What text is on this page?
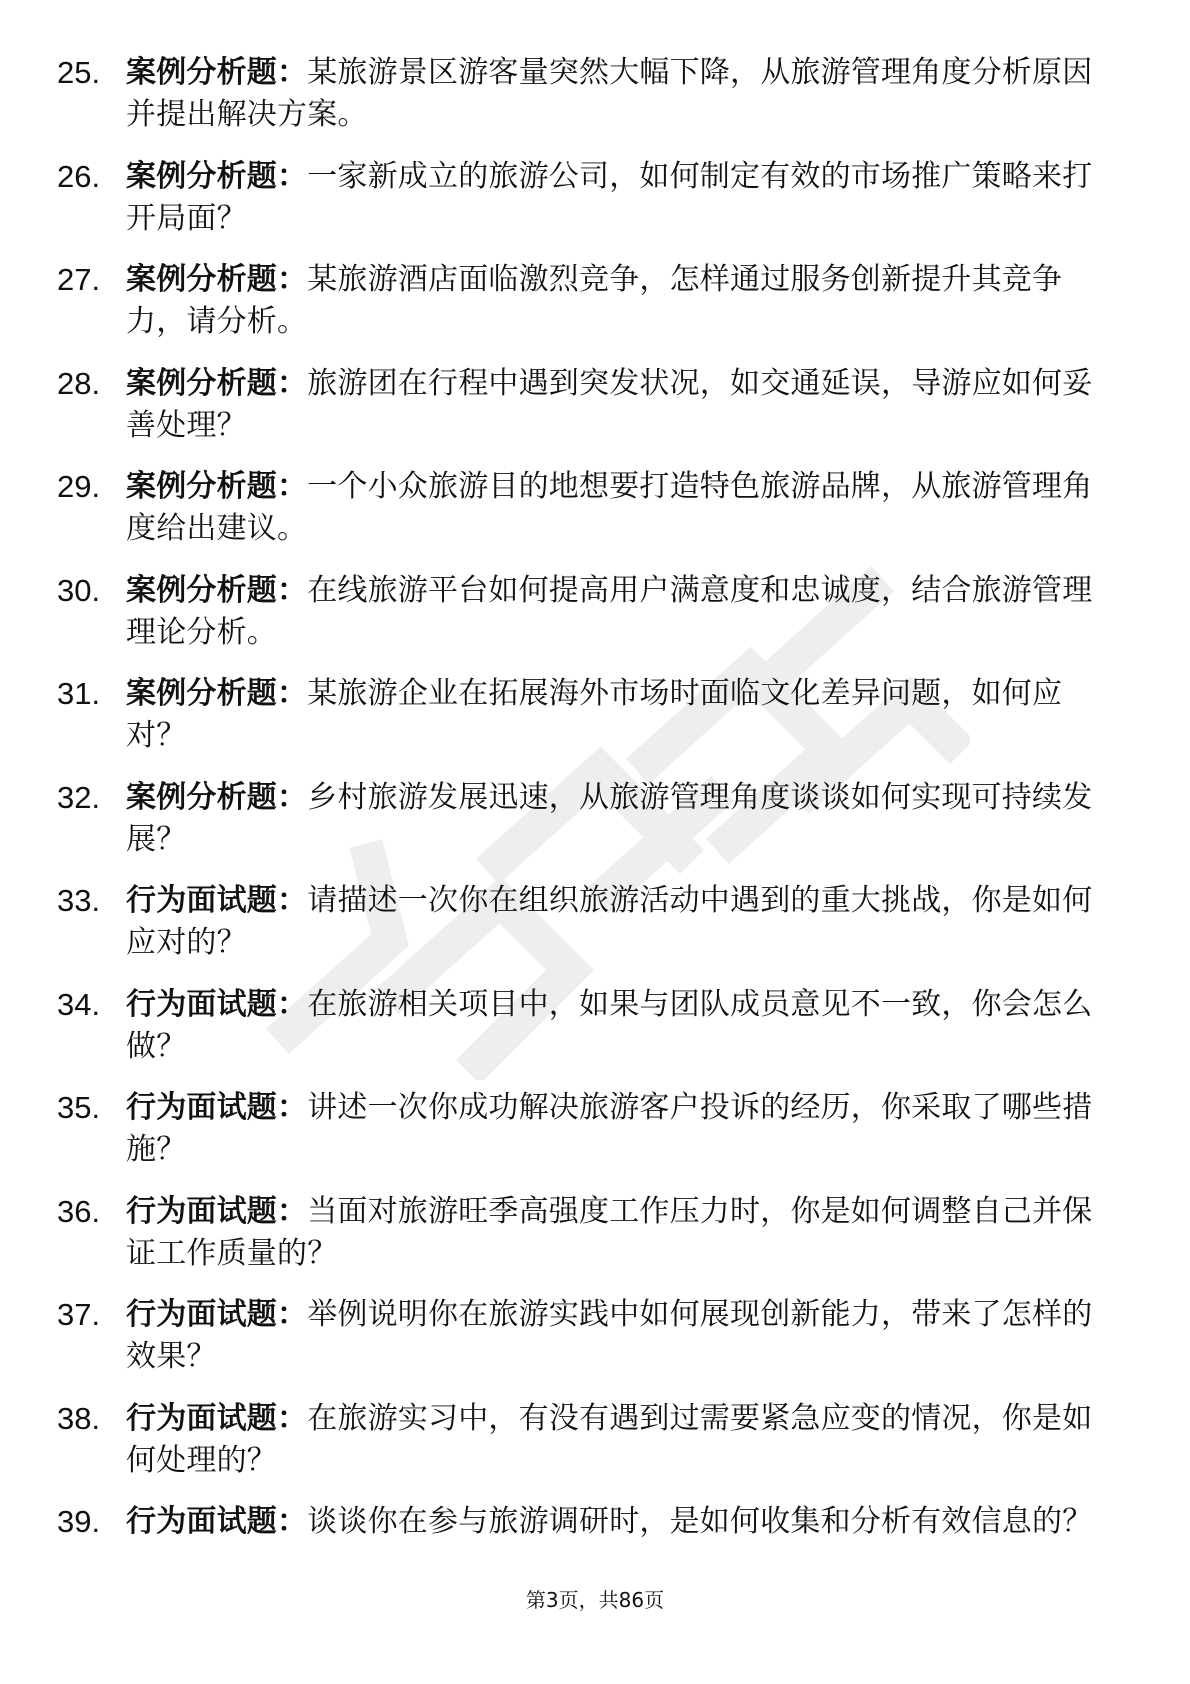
25. 案例分析题：某旅游景区游客量突然大幅下降，从旅游管理角度分析原因并提出解决方案。
26. 案例分析题：一家新成立的旅游公司，如何制定有效的市场推广策略来打开局面？
27. 案例分析题：某旅游酒店面临激烈竞争，怎样通过服务创新提升其竞争力，请分析。
28. 案例分析题：旅游团在行程中遇到突发状况，如交通延误，导游应如何妥善处理？
29. 案例分析题：一个小众旅游目的地想要打造特色旅游品牌，从旅游管理角度给出建议。
30. 案例分析题：在线旅游平台如何提高用户满意度和忠诚度，结合旅游管理理论分析。
31. 案例分析题：某旅游企业在拓展海外市场时面临文化差异问题，如何应对？
32. 案例分析题：乡村旅游发展迅速，从旅游管理角度谈谈如何实现可持续发展？
33. 行为面试题：请描述一次你在组织旅游活动中遇到的重大挑战，你是如何应对的？
34. 行为面试题：在旅游相关项目中，如果与团队成员意见不一致，你会怎么做？
35. 行为面试题：讲述一次你成功解决旅游客户投诉的经历，你采取了哪些措施？
36. 行为面试题：当面对旅游旺季高强度工作压力时，你是如何调整自己并保证工作质量的？
37. 行为面试题：举例说明你在旅游实践中如何展现创新能力，带来了怎样的效果？
38. 行为面试题：在旅游实习中，有没有遇到过需要紧急应变的情况，你是如何处理的？
39. 行为面试题：谈谈你在参与旅游调研时，是如何收集和分析有效信息的？
第3页，共86页
